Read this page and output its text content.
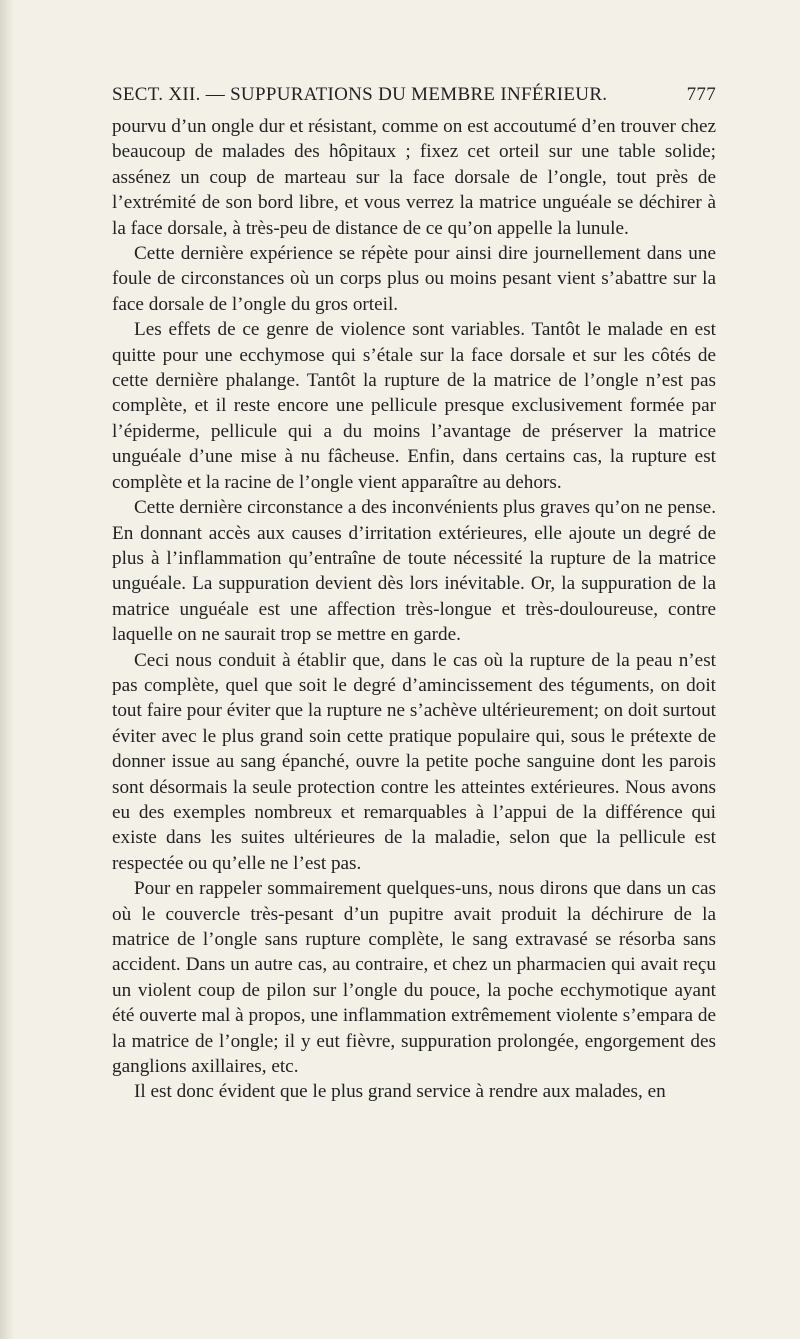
SECT. XII. — SUPPURATIONS DU MEMBRE INFÉRIEUR.	777

pourvu d’un ongle dur et résistant, comme on est accoutumé d’en trouver chez beaucoup de malades des hôpitaux ; fixez cet orteil sur une table solide; assénez un coup de marteau sur la face dorsale de l’ongle, tout près de l’extrémité de son bord libre, et vous verrez la matrice unguéale se déchirer à la face dorsale, à très-peu de distance de ce qu’on appelle la lunule.

Cette dernière expérience se répète pour ainsi dire journellement dans une foule de circonstances où un corps plus ou moins pesant vient s’abattre sur la face dorsale de l’ongle du gros orteil.

Les effets de ce genre de violence sont variables. Tantôt le malade en est quitte pour une ecchymose qui s’étale sur la face dorsale et sur les côtés de cette dernière phalange. Tantôt la rupture de la matrice de l’ongle n’est pas complète, et il reste encore une pellicule presque exclusivement formée par l’épiderme, pellicule qui a du moins l’avantage de préserver la matrice unguéale d’une mise à nu fâcheuse. Enfin, dans certains cas, la rupture est complète et la racine de l’ongle vient apparaître au dehors.

Cette dernière circonstance a des inconvénients plus graves qu’on ne pense. En donnant accès aux causes d’irritation extérieures, elle ajoute un degré de plus à l’inflammation qu’entraîne de toute nécessité la rupture de la matrice unguéale. La suppuration devient dès lors inévitable. Or, la suppuration de la matrice unguéale est une affection très-longue et très-douloureuse, contre laquelle on ne saurait trop se mettre en garde.

Ceci nous conduit à établir que, dans le cas où la rupture de la peau n’est pas complète, quel que soit le degré d’amincissement des téguments, on doit tout faire pour éviter que la rupture ne s’achève ultérieurement; on doit surtout éviter avec le plus grand soin cette pratique populaire qui, sous le prétexte de donner issue au sang épanché, ouvre la petite poche sanguine dont les parois sont désormais la seule protection contre les atteintes extérieures. Nous avons eu des exemples nombreux et remarquables à l’appui de la différence qui existe dans les suites ultérieures de la maladie, selon que la pellicule est respectée ou qu’elle ne l’est pas.

Pour en rappeler sommairement quelques-uns, nous dirons que dans un cas où le couvercle très-pesant d’un pupitre avait produit la déchirure de la matrice de l’ongle sans rupture complète, le sang extravasé se résorba sans accident. Dans un autre cas, au contraire, et chez un pharmacien qui avait reçu un violent coup de pilon sur l’ongle du pouce, la poche ecchymotique ayant été ouverte mal à propos, une inflammation extrêmement violente s’empara de la matrice de l’ongle; il y eut fièvre, suppuration prolongée, engorgement des ganglions axillaires, etc.

Il est donc évident que le plus grand service à rendre aux malades, en
